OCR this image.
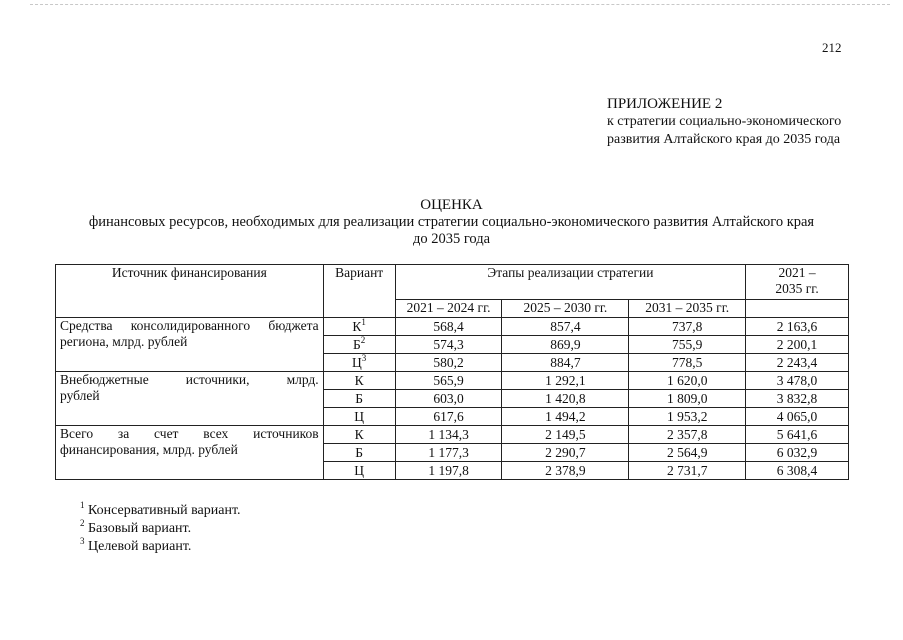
212
ПРИЛОЖЕНИЕ 2
к стратегии социально-экономического
развития Алтайского края до 2035 года
ОЦЕНКА
финансовых ресурсов, необходимых для реализации стратегии социально-экономического развития Алтайского края
до 2035 года
Источник финансирования	Вариант	Этапы реализации стратегии			2021 –
2035 гг.

		2021 – 2024 гг.	2025 – 2030 гг.	2031 – 2035 гг.	

Средства консолидированного бюджета
региона, млрд. рублей	$К^1$	568,4	857,4	737,8	2 163,6
	$Б^2$	574,3	869,9	755,9	2 200,1
	$Ц^3$	580,2	884,7	778,5	2 243,4

Внебюджетные источники, млрд.
рублей	К	565,9	1 292,1	1 620,0	3 478,0
	Б	603,0	1 420,8	1 809,0	3 832,8
	Ц	617,6	1 494,2	1 953,2	4 065,0

Всего за счет всех источников
финансирования, млрд. рублей	К	1 134,3	2 149,5	2 357,8	5 641,6
	Б	1 177,3	2 290,7	2 564,9	6 032,9
	Ц	1 197,8	2 378,9	2 731,7	6 308,4
$^1$ Консервативный вариант.
$^2$ Базовый вариант.
$^3$ Целевой вариант.
